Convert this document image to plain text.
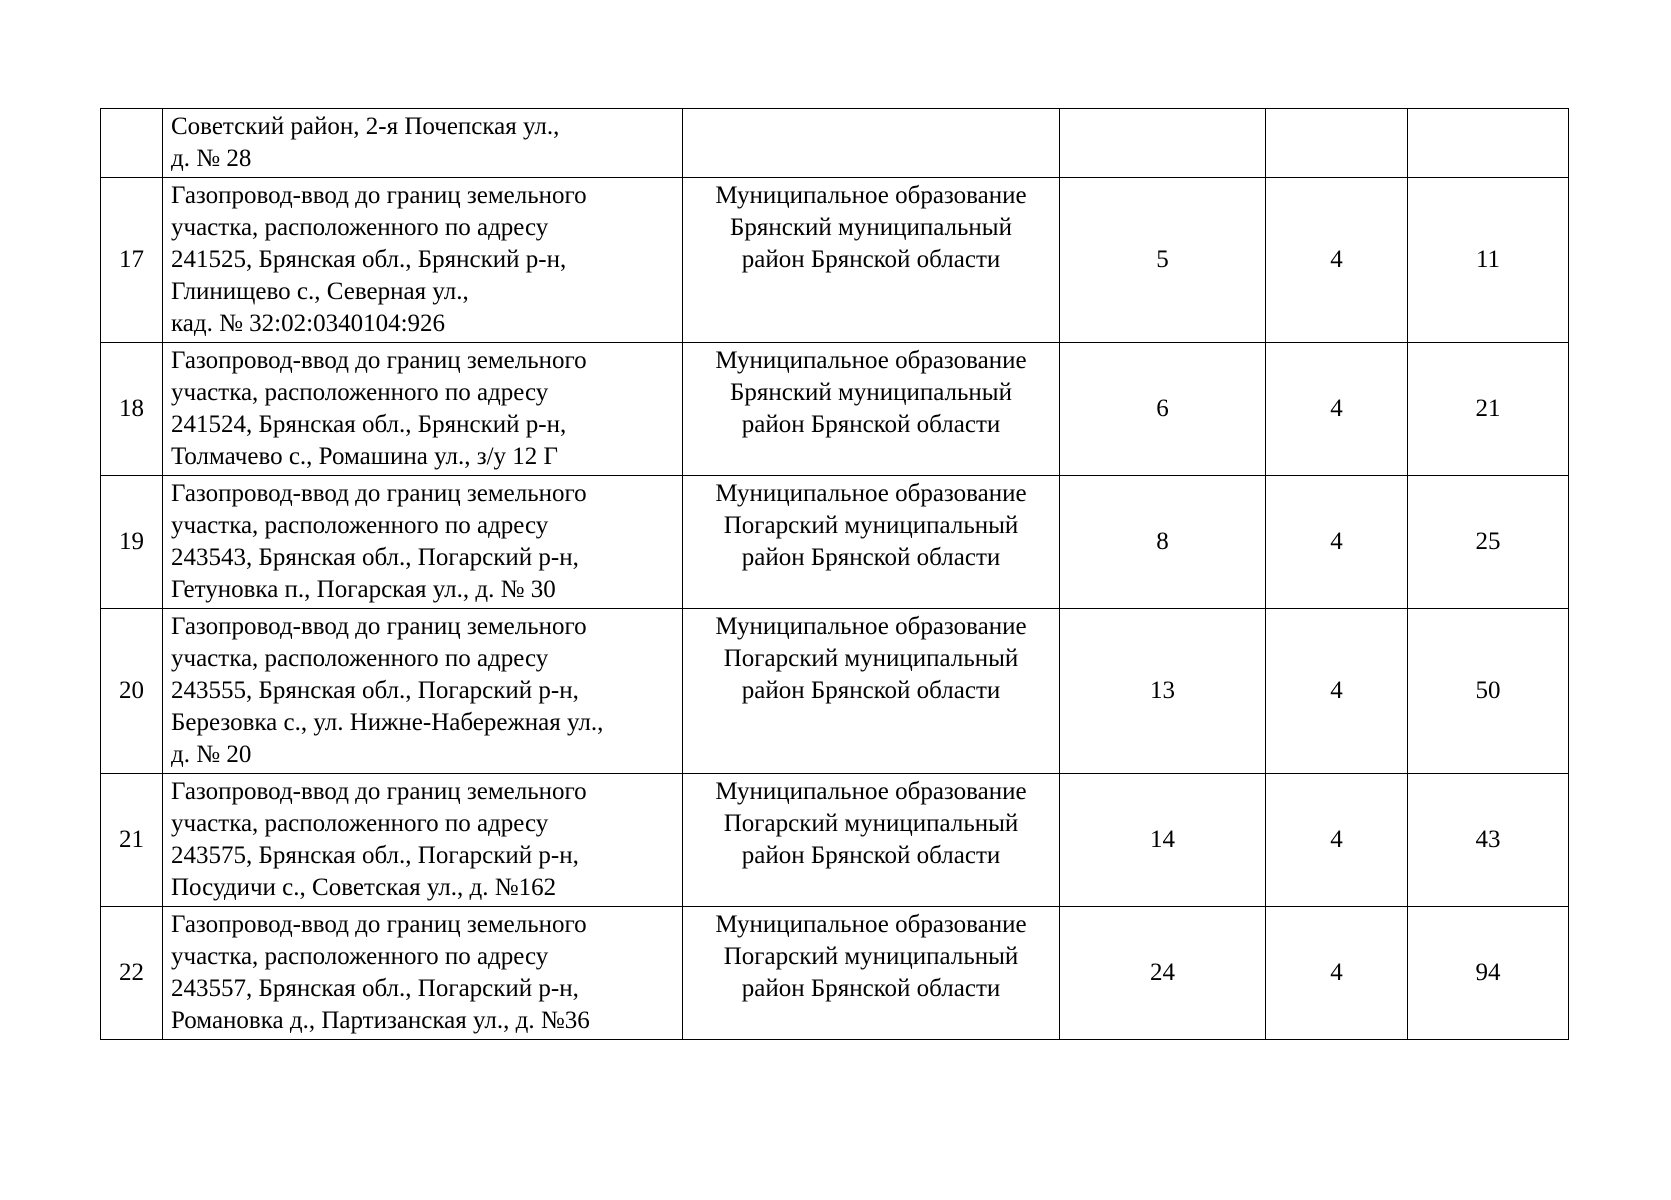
	Советский район, 2-я Почепская ул.,
д. № 28				

17	Газопровод-ввод до границ земельного
участка, расположенного по адресу
241525, Брянская обл., Брянский р-н,
Глинищево с., Северная ул.,
кад. № 32:02:0340104:926	Муниципальное образование
Брянский муниципальный
район Брянской области	5	4	11
18	Газопровод-ввод до границ земельного
участка, расположенного по адресу
241524, Брянская обл., Брянский р-н,
Толмачево с., Ромашина ул., з/у 12 Г	Муниципальное образование
Брянский муниципальный
район Брянской области	6	4	21
19	Газопровод-ввод до границ земельного
участка, расположенного по адресу
243543, Брянская обл., Погарский р-н,
Гетуновка п., Погарская ул., д. № 30	Муниципальное образование
Погарский муниципальный
район Брянской области	8	4	25
20	Газопровод-ввод до границ земельного
участка, расположенного по адресу
243555, Брянская обл., Погарский р-н,
Березовка с., ул. Нижне-Набережная ул.,
д. № 20	Муниципальное образование
Погарский муниципальный
район Брянской области	13	4	50
21	Газопровод-ввод до границ земельного
участка, расположенного по адресу
243575, Брянская обл., Погарский р-н,
Посудичи с., Советская ул., д. №162	Муниципальное образование
Погарский муниципальный
район Брянской области	14	4	43
22	Газопровод-ввод до границ земельного
участка, расположенного по адресу
243557, Брянская обл., Погарский р-н,
Романовка д., Партизанская ул., д. №36	Муниципальное образование
Погарский муниципальный
район Брянской области	24	4	94
